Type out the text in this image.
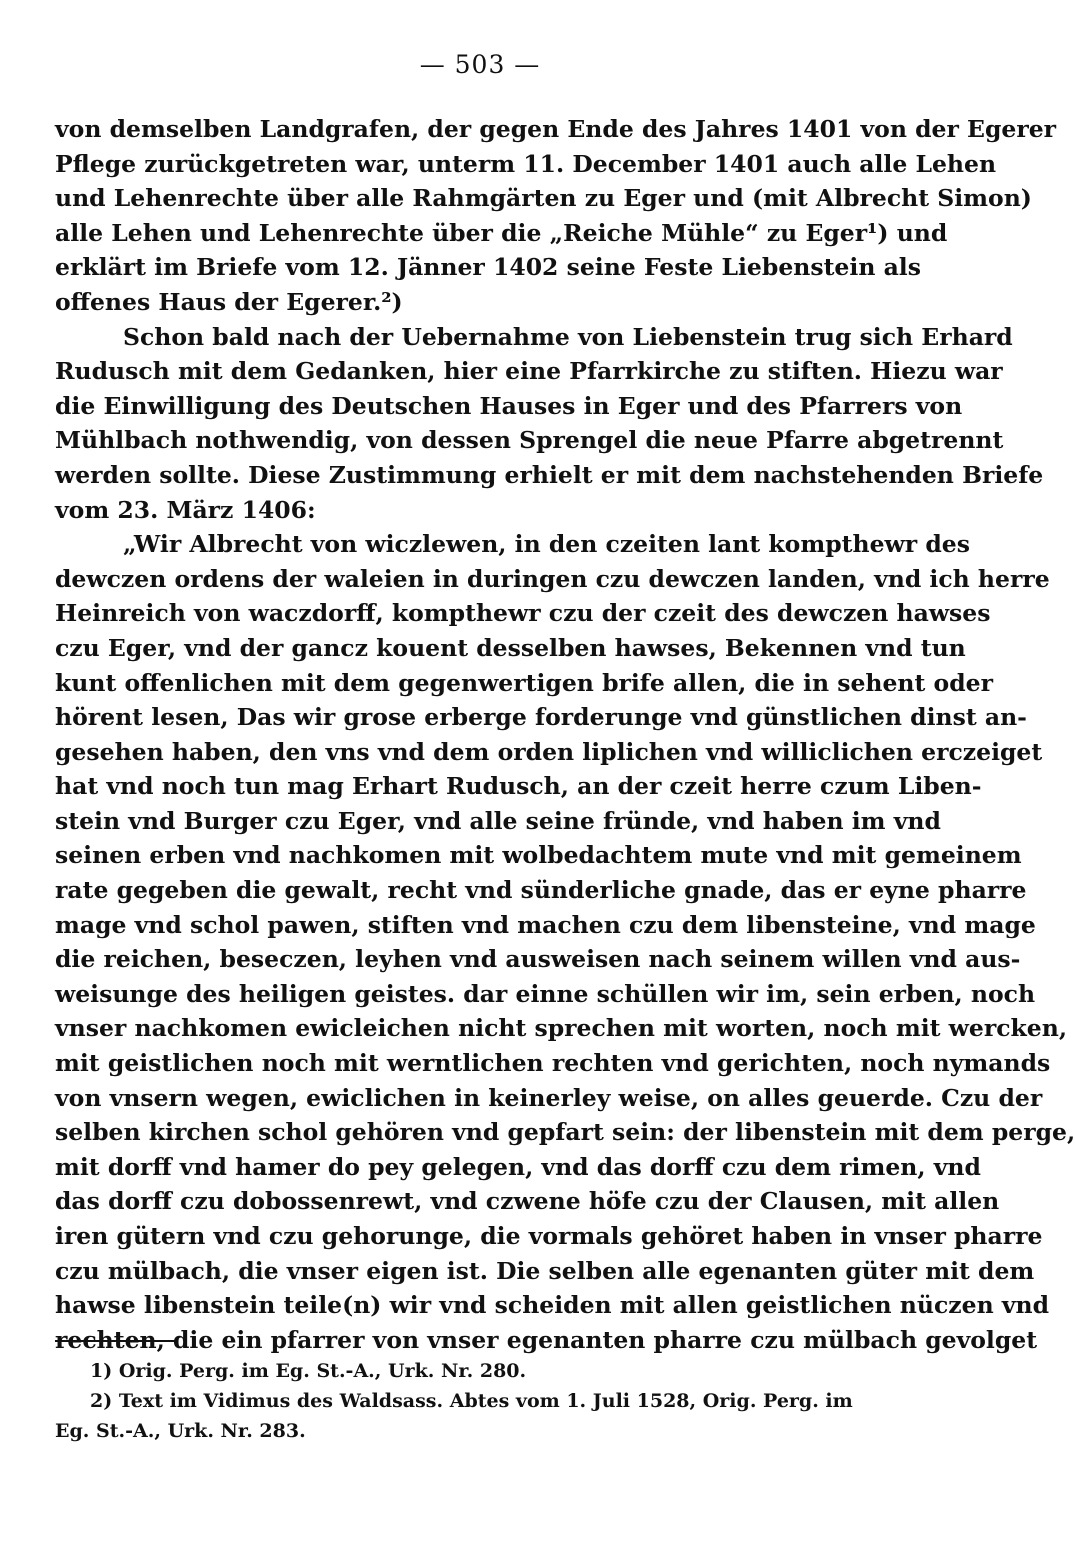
— 503 —
von demselben Landgrafen, der gegen Ende des Jahres 1401 von der Egerer
Pflege zurückgetreten war, unterm 11. December 1401 auch alle Lehen
und Lehenrechte über alle Rahmgärten zu Eger und (mit Albrecht Simon)
alle Lehen und Lehenrechte über die „Reiche Mühle“ zu Eger¹) und
erklärt im Briefe vom 12. Jänner 1402 seine Feste Liebenstein als
offenes Haus der Egerer.²)
Schon bald nach der Uebernahme von Liebenstein trug sich Erhard
Rudusch mit dem Gedanken, hier eine Pfarrkirche zu stiften. Hiezu war
die Einwilligung des Deutschen Hauses in Eger und des Pfarrers von
Mühlbach nothwendig, von dessen Sprengel die neue Pfarre abgetrennt
werden sollte. Diese Zustimmung erhielt er mit dem nachstehenden Briefe
vom 23. März 1406:
„Wir Albrecht von wiczlewen, in den czeiten lant kompthewr des
dewczen ordens der waleien in duringen czu dewczen landen, vnd ich herre
Heinreich von waczdorff, kompthewr czu der czeit des dewczen hawses
czu Eger, vnd der gancz kouent desselben hawses, Bekennen vnd tun
kunt offenlichen mit dem gegenwertigen brife allen, die in sehent oder
hörent lesen, Das wir grose erberge forderunge vnd günstlichen dinst an-
gesehen haben, den vns vnd dem orden liplichen vnd williclichen erczeiget
hat vnd noch tun mag Erhart Rudusch, an der czeit herre czum Liben-
stein vnd Burger czu Eger, vnd alle seine fründe, vnd haben im vnd
seinen erben vnd nachkomen mit wolbedachtem mute vnd mit gemeinem
rate gegeben die gewalt, recht vnd sünderliche gnade, das er eyne pharre
mage vnd schol pawen, stiften vnd machen czu dem libensteine, vnd mage
die reichen, beseczen, leyhen vnd ausweisen nach seinem willen vnd aus-
weisunge des heiligen geistes. dar einne schüllen wir im, sein erben, noch
vnser nachkomen ewicleichen nicht sprechen mit worten, noch mit wercken,
mit geistlichen noch mit werntlichen rechten vnd gerichten, noch nymands
von vnsern wegen, ewiclichen in keinerley weise, on alles geuerde. Czu der
selben kirchen schol gehören vnd gepfart sein: der libenstein mit dem perge,
mit dorff vnd hamer do pey gelegen, vnd das dorff czu dem rimen, vnd
das dorff czu dobossenrewt, vnd czwene höfe czu der Clausen, mit allen
iren gütern vnd czu gehorunge, die vormals gehöret haben in vnser pharre
czu mülbach, die vnser eigen ist. Die selben alle egenanten güter mit dem
hawse libenstein teile(n) wir vnd scheiden mit allen geistlichen nüczen vnd
rechten, die ein pfarrer von vnser egenanten pharre czu mülbach gevolget
1) Orig. Perg. im Eg. St.-A., Urk. Nr. 280.
2) Text im Vidimus des Waldsass. Abtes vom 1. Juli 1528, Orig. Perg. im
Eg. St.-A., Urk. Nr. 283.
